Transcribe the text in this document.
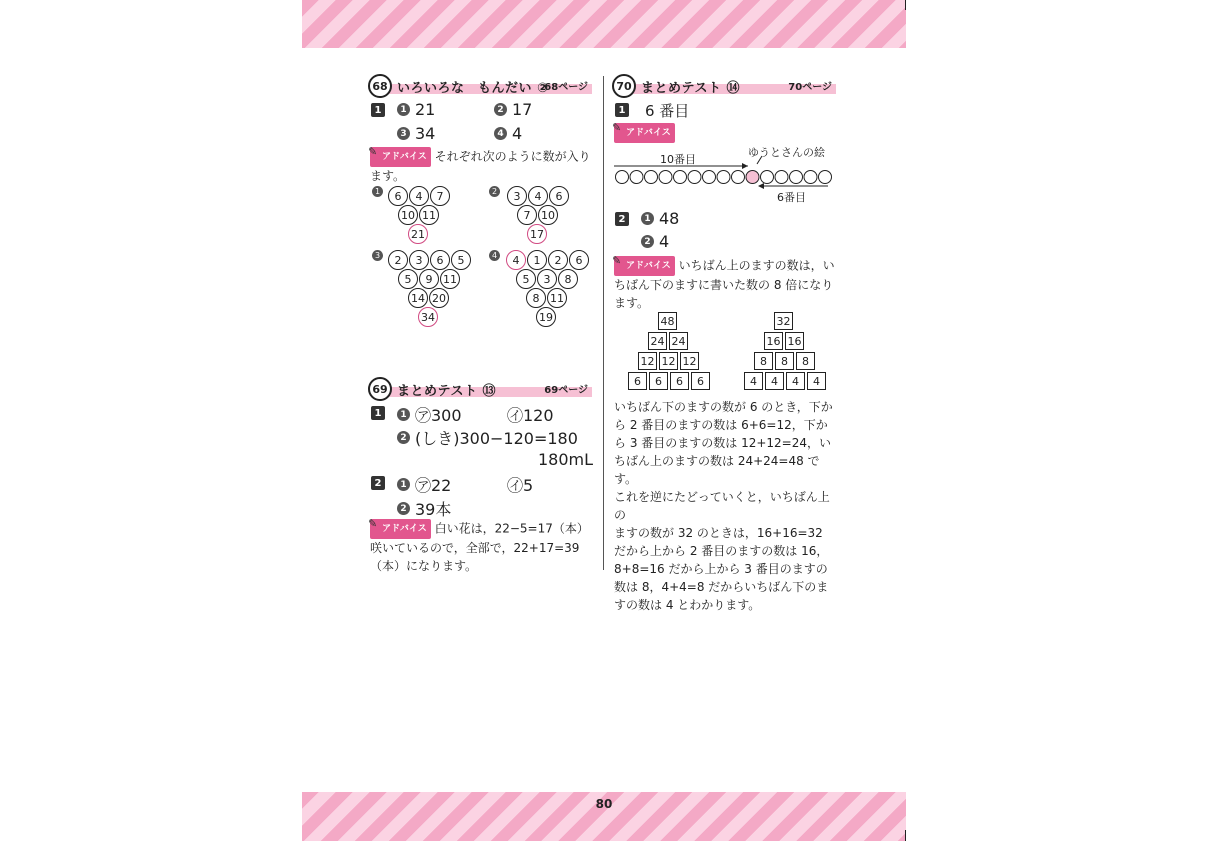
80
68 いろいろな　もんだい ②
68ページ
1	1 21	2 17
3 34	4 4
✎ アドバイス それぞれ次のように数が入ります。
1	6	4	7
10 11
21
2	3	4	6
7 10
17
3	2	3	6	5
5	9 11
14 20
34
4	4	1	2	6
5	3	8
8 11
19
69 まとめテスト ⑬	69ページ
1	1 ㋐300	㋑120
2 (しき)300−120=180
180mL
2	1 ㋐22	㋑5
2 39本
✎ アドバイス 白い花は，22−5=17（本）
咲いているので，全部で，22+17=39
（本）になります。
70 まとめテスト ⑭	70ページ
1 6 番目
✎ アドバイス
10番目
ゆうとさんの絵
6番目
2	1 48
2 4
✎ アドバイス いちばん上のますの数は，いちばん下のますに書いた数の 8 倍になります。
48
24 24
12 12 12
6	6	6	6
32
16 16
8	8	8
4	4	4	4
いちばん下のますの数が 6 のとき，下か
ら 2 番目のますの数は 6+6=12，下か
ら 3 番目のますの数は 12+12=24，い
ちばん上のますの数は 24+24=48 です。
これを逆にたどっていくと，いちばん上の
ますの数が 32 のときは，16+16=32
だから上から 2 番目のますの数は 16，
8+8=16 だから上から 3 番目のますの
数は 8，4+4=8 だからいちばん下のま
すの数は 4 とわかります。
